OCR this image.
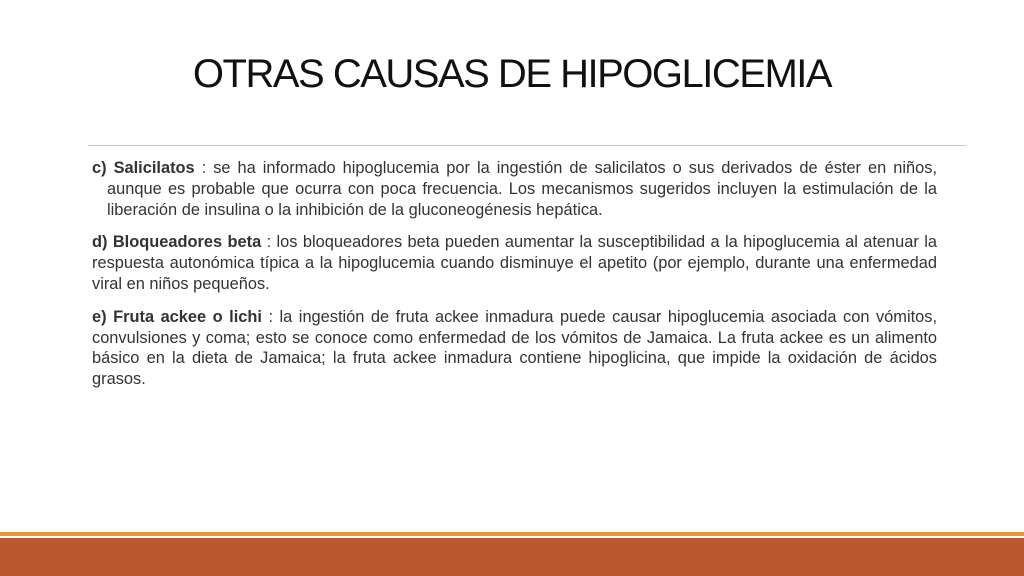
OTRAS CAUSAS DE HIPOGLICEMIA

c) Salicilatos : se ha informado hipoglucemia por la ingestión de salicilatos o sus derivados de éster en niños, aunque es probable que ocurra con poca frecuencia. Los mecanismos sugeridos incluyen la estimulación de la liberación de insulina o la inhibición de la gluconeogénesis hepática.

d) Bloqueadores beta : los bloqueadores beta pueden aumentar la susceptibilidad a la hipoglucemia al atenuar la respuesta autonómica típica a la hipoglucemia cuando disminuye el apetito (por ejemplo, durante una enfermedad viral en niños pequeños.

e) Fruta ackee o lichi : la ingestión de fruta ackee inmadura puede causar hipoglucemia asociada con vómitos, convulsiones y coma; esto se conoce como enfermedad de los vómitos de Jamaica. La fruta ackee es un alimento básico en la dieta de Jamaica; la fruta ackee inmadura contiene hipoglicina, que impide la oxidación de ácidos grasos.
